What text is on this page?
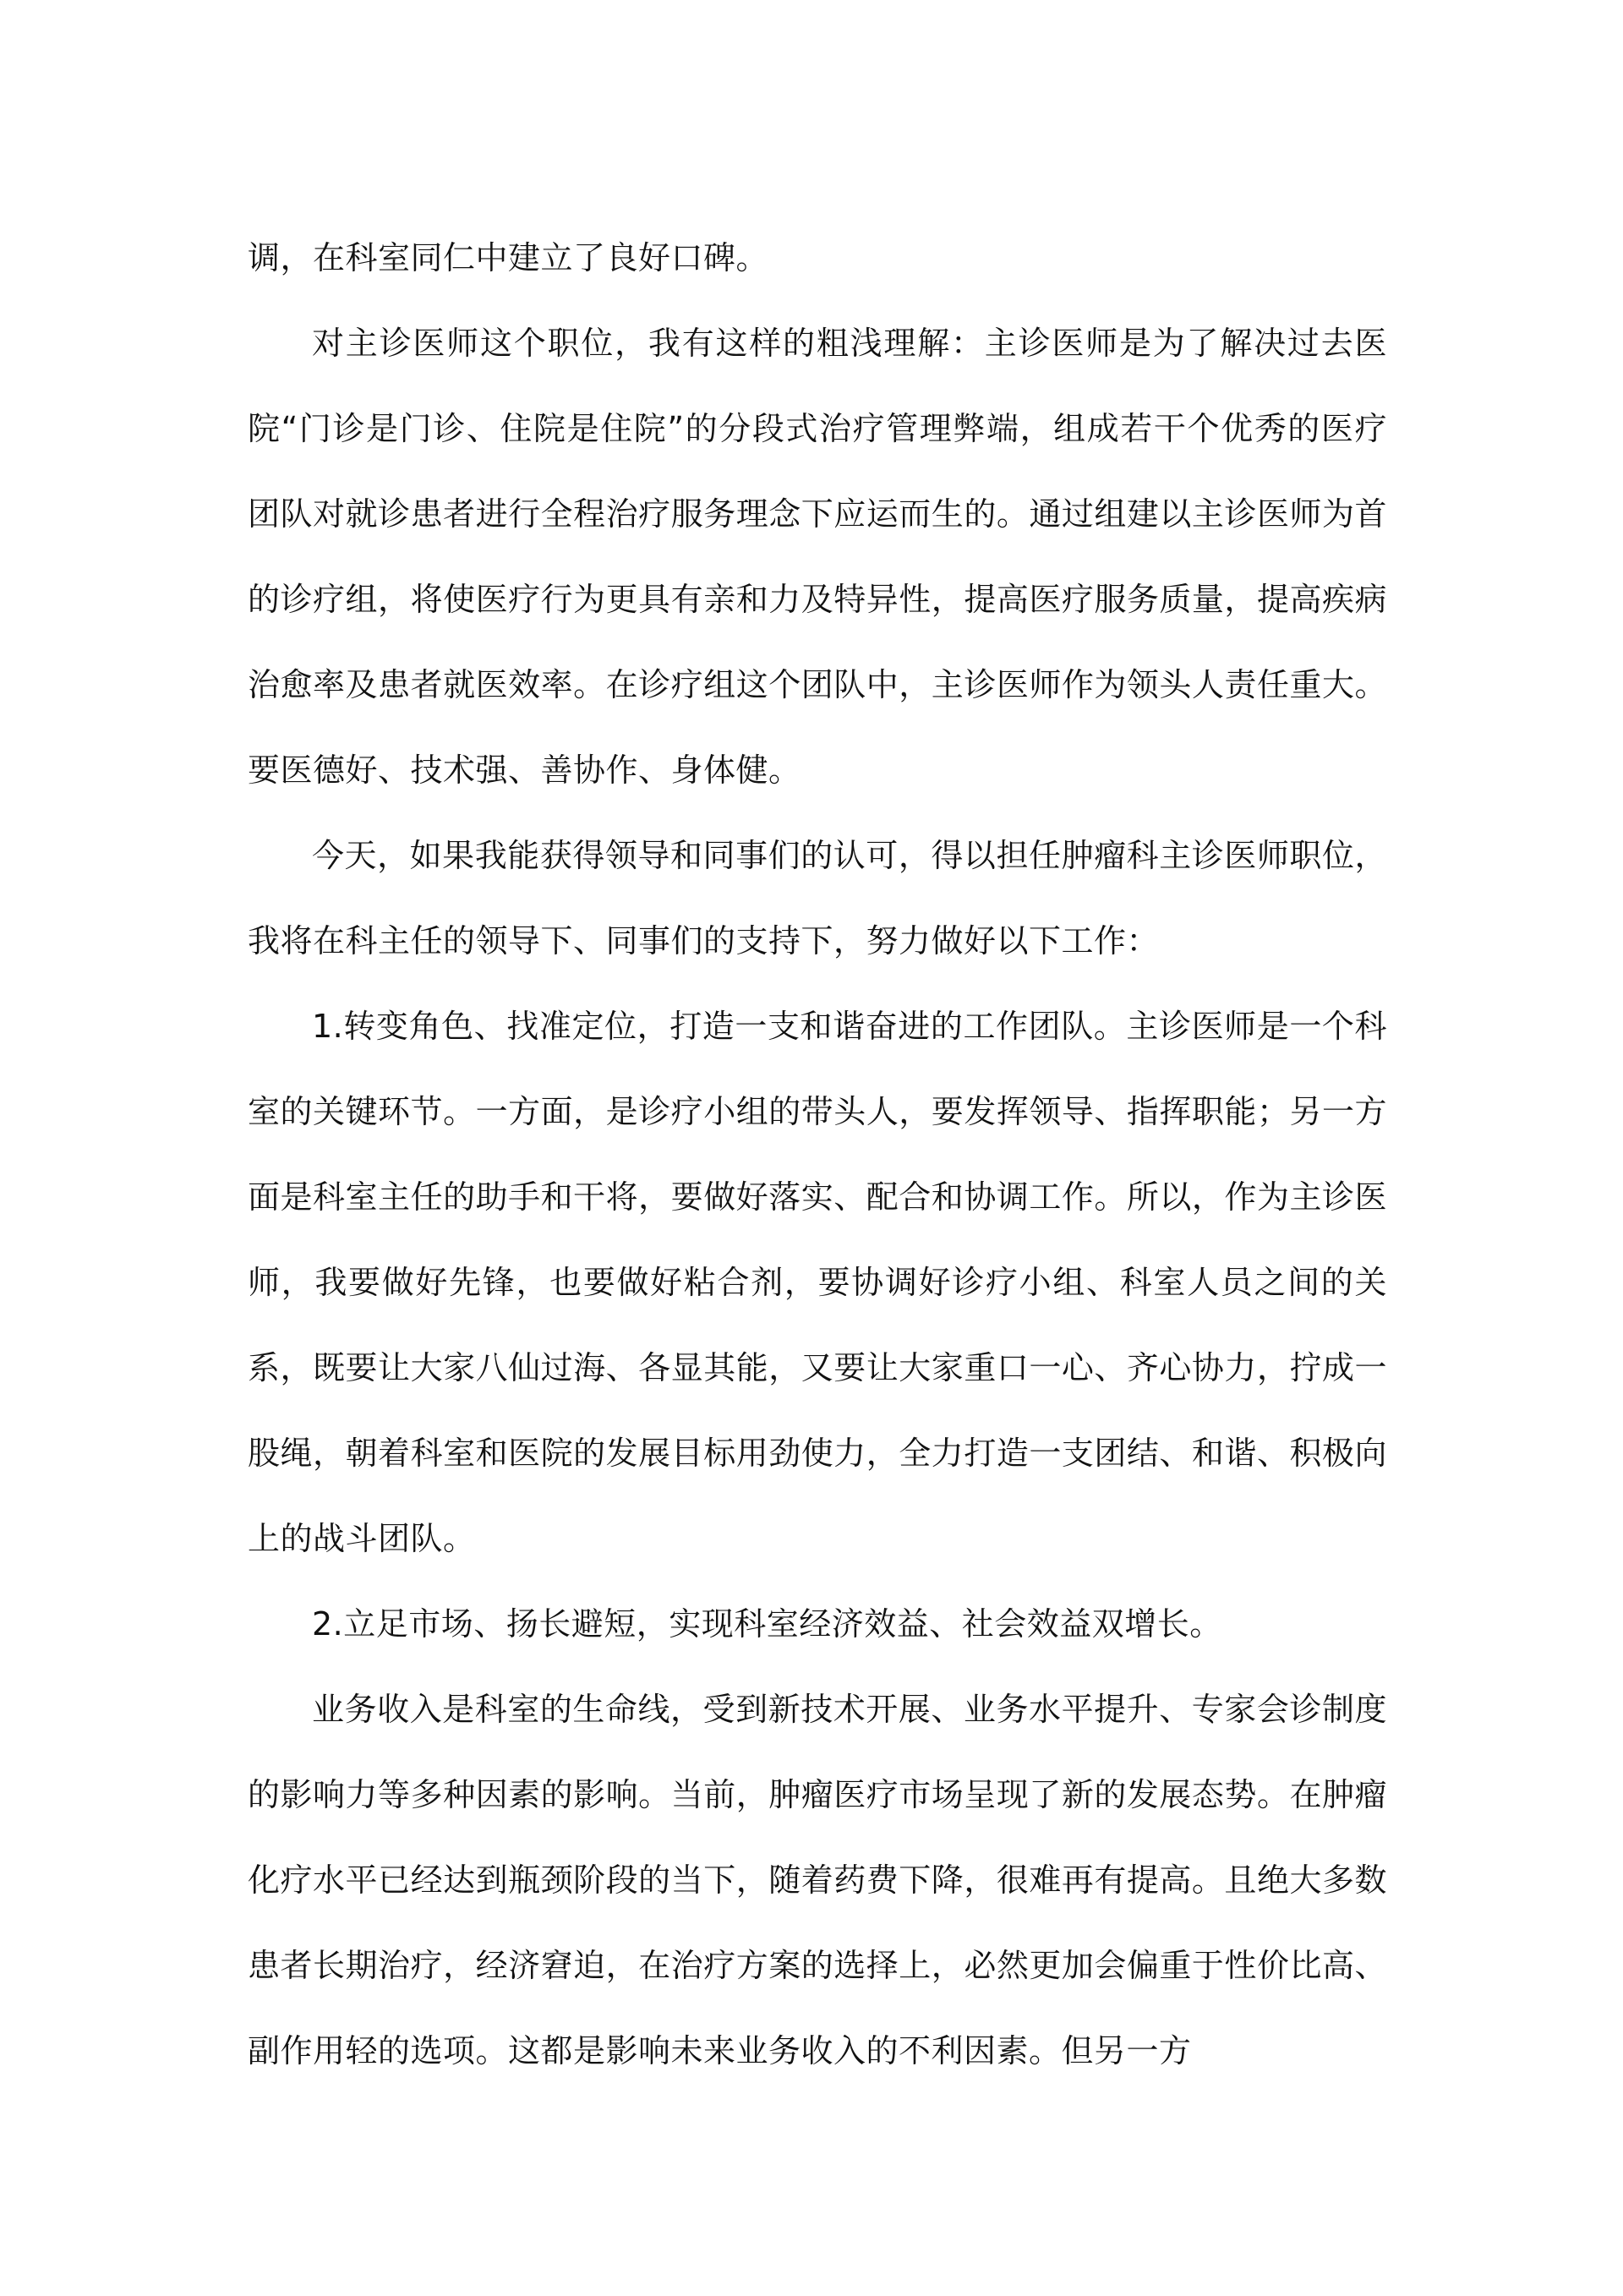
调，在科室同仁中建立了良好口碑。

对主诊医师这个职位，我有这样的粗浅理解：主诊医师是为了解决过去医院“门诊是门诊、住院是住院”的分段式治疗管理弊端，组成若干个优秀的医疗团队对就诊患者进行全程治疗服务理念下应运而生的。通过组建以主诊医师为首的诊疗组，将使医疗行为更具有亲和力及特异性，提高医疗服务质量，提高疾病治愈率及患者就医效率。在诊疗组这个团队中，主诊医师作为领头人责任重大。要医德好、技术强、善协作、身体健。

今天，如果我能获得领导和同事们的认可，得以担任肿瘤科主诊医师职位，我将在科主任的领导下、同事们的支持下，努力做好以下工作：

1.转变角色、找准定位，打造一支和谐奋进的工作团队。主诊医师是一个科室的关键环节。一方面，是诊疗小组的带头人，要发挥领导、指挥职能；另一方面是科室主任的助手和干将，要做好落实、配合和协调工作。所以，作为主诊医师，我要做好先锋，也要做好粘合剂，要协调好诊疗小组、科室人员之间的关系，既要让大家八仙过海、各显其能，又要让大家重口一心、齐心协力，拧成一股绳，朝着科室和医院的发展目标用劲使力，全力打造一支团结、和谐、积极向上的战斗团队。

2.立足市场、扬长避短，实现科室经济效益、社会效益双增长。

业务收入是科室的生命线，受到新技术开展、业务水平提升、专家会诊制度的影响力等多种因素的影响。当前，肿瘤医疗市场呈现了新的发展态势。在肿瘤化疗水平已经达到瓶颈阶段的当下，随着药费下降，很难再有提高。且绝大多数患者长期治疗，经济窘迫，在治疗方案的选择上，必然更加会偏重于性价比高、副作用轻的选项。这都是影响未来业务收入的不利因素。但另一方
